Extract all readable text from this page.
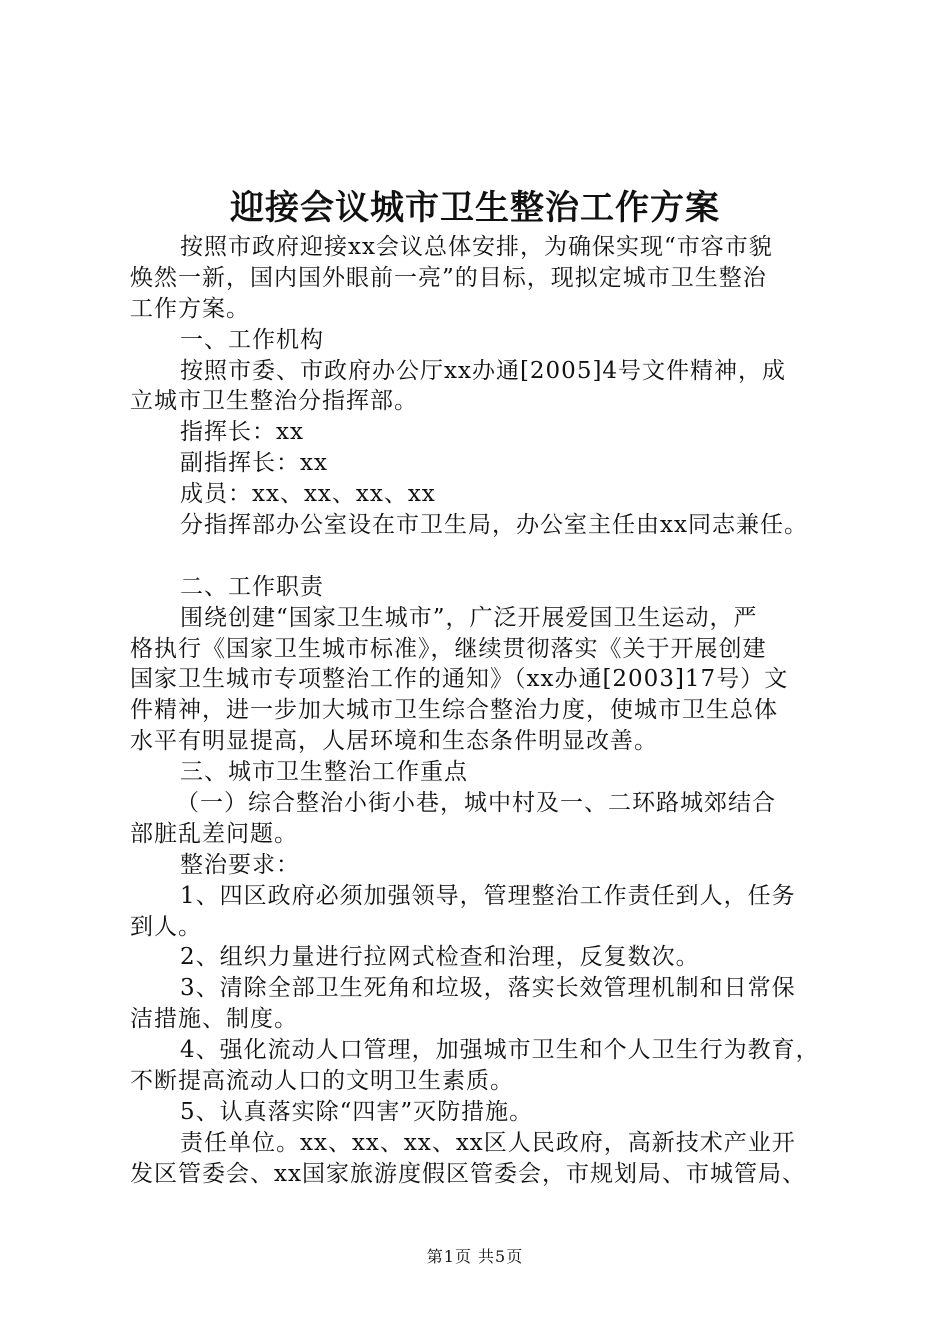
迎接会议城市卫生整治工作方案
按照市政府迎接xx会议总体安排，为确保实现“市容市貌
焕然一新，国内国外眼前一亮”的目标，现拟定城市卫生整治
工作方案。
一、工作机构
按照市委、市政府办公厅xx办通[2005]4号文件精神，成
立城市卫生整治分指挥部。
指挥长：xx
副指挥长：xx
成员：xx、xx、xx、xx
分指挥部办公室设在市卫生局，办公室主任由xx同志兼任。
二、工作职责
围绕创建“国家卫生城市”，广泛开展爱国卫生运动，严
格执行《国家卫生城市标准》，继续贯彻落实《关于开展创建
国家卫生城市专项整治工作的通知》（xx办通[2003]17号）文
件精神，进一步加大城市卫生综合整治力度，使城市卫生总体
水平有明显提高，人居环境和生态条件明显改善。
三、城市卫生整治工作重点
（一）综合整治小街小巷，城中村及一、二环路城郊结合
部脏乱差问题。
整治要求：
1、四区政府必须加强领导，管理整治工作责任到人，任务
到人。
2、组织力量进行拉网式检查和治理，反复数次。
3、清除全部卫生死角和垃圾，落实长效管理机制和日常保
洁措施、制度。
4、强化流动人口管理，加强城市卫生和个人卫生行为教育，
不断提高流动人口的文明卫生素质。
5、认真落实除“四害”灭防措施。
责任单位。xx、xx、xx、xx区人民政府，高新技术产业开
发区管委会、xx国家旅游度假区管委会，市规划局、市城管局、
第1页 共5页
